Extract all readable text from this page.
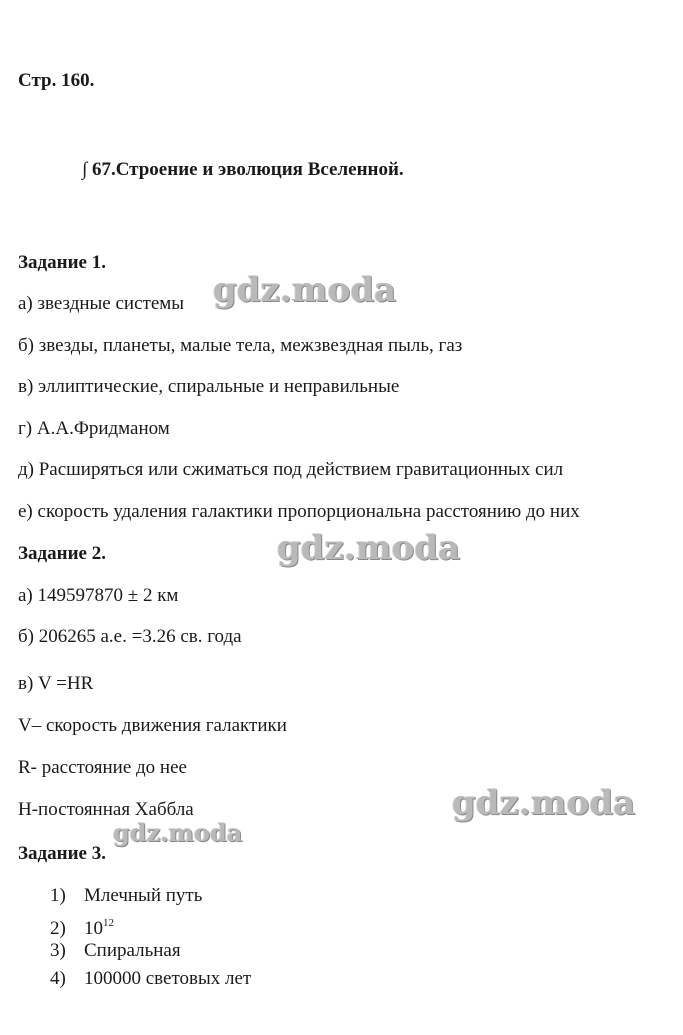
Стр. 160.
∫ 67.Строение и эволюция Вселенной.
Задание 1.
а) звездные системы
б) звезды, планеты, малые тела, межзвездная пыль, газ
в) эллиптические, спиральные и неправильные
г) А.А.Фридманом
д) Расширяться или сжиматься под действием гравитационных сил
е) скорость удаления галактики пропорциональна расстоянию до них
Задание 2.
а) 149597870 ± 2 км
б) 206265 а.е. =3.26 св. года
в) V =HR
V– скорость движения галактики
R- расстояние до нее
H-постоянная Хаббла
Задание 3.
1) Млечный путь
2) $10^{12}$
3) Спиральная
4) 100000 световых лет
gdz.moda
gdz.moda
gdz.moda
gdz.moda
